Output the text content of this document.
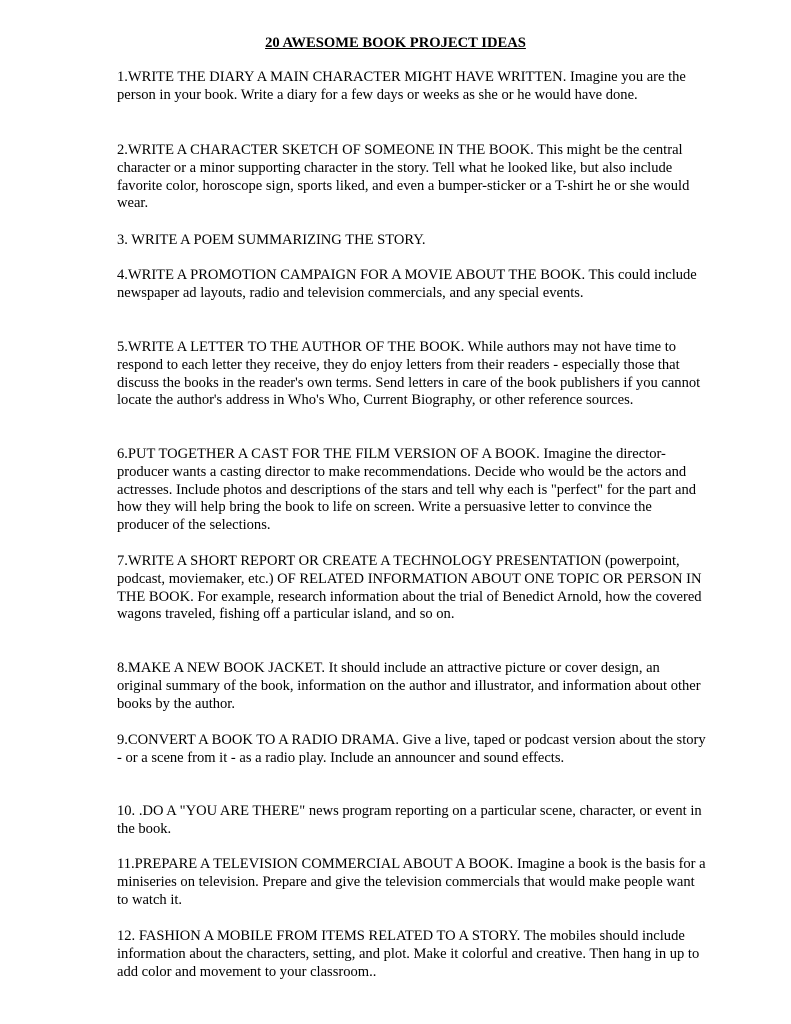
20 AWESOME BOOK PROJECT IDEAS
1.WRITE THE DIARY A MAIN CHARACTER MIGHT HAVE WRITTEN. Imagine you are the person in your book. Write a diary for a few days or weeks as she or he would have done.
2.WRITE A CHARACTER SKETCH OF SOMEONE IN THE BOOK. This might be the central character or a minor supporting character in the story. Tell what he looked like, but also include favorite color, horoscope sign, sports liked, and even a bumper-sticker or a T-shirt he or she would wear.
3. WRITE A POEM SUMMARIZING THE STORY.
4.WRITE A PROMOTION CAMPAIGN FOR A MOVIE ABOUT THE BOOK. This could include newspaper ad layouts, radio and television commercials, and any special events.
5.WRITE A LETTER TO THE AUTHOR OF THE BOOK. While authors may not have time to respond to each letter they receive, they do enjoy letters from their readers - especially those that discuss the books in the reader's own terms. Send letters in care of the book publishers if you cannot locate the author's address in Who's Who, Current Biography, or other reference sources.
6.PUT TOGETHER A CAST FOR THE FILM VERSION OF A BOOK. Imagine the director-producer wants a casting director to make recommendations. Decide who would be the actors and actresses. Include photos and descriptions of the stars and tell why each is "perfect" for the part and how they will help bring the book to life on screen. Write a persuasive letter to convince the producer of the selections.
7.WRITE A SHORT REPORT OR CREATE A TECHNOLOGY PRESENTATION (powerpoint, podcast, moviemaker, etc.) OF RELATED INFORMATION ABOUT ONE TOPIC OR PERSON IN THE BOOK. For example, research information about the trial of Benedict Arnold, how the covered wagons traveled, fishing off a particular island, and so on.
8.MAKE A NEW BOOK JACKET. It should include an attractive picture or cover design, an original summary of the book, information on the author and illustrator, and information about other books by the author.
9.CONVERT A BOOK TO A RADIO DRAMA. Give a live, taped or podcast version about the story - or a scene from it - as a radio play. Include an announcer and sound effects.
10. .DO A "YOU ARE THERE" news program reporting on a particular scene, character, or event in the book.
11.PREPARE A TELEVISION COMMERCIAL ABOUT A BOOK. Imagine a book is the basis for a miniseries on television. Prepare and give the television commercials that would make people want to watch it.
12. FASHION A MOBILE FROM ITEMS RELATED TO A STORY. The mobiles should include information about the characters, setting, and plot. Make it colorful and creative. Then hang in up to add color and movement to your classroom..
